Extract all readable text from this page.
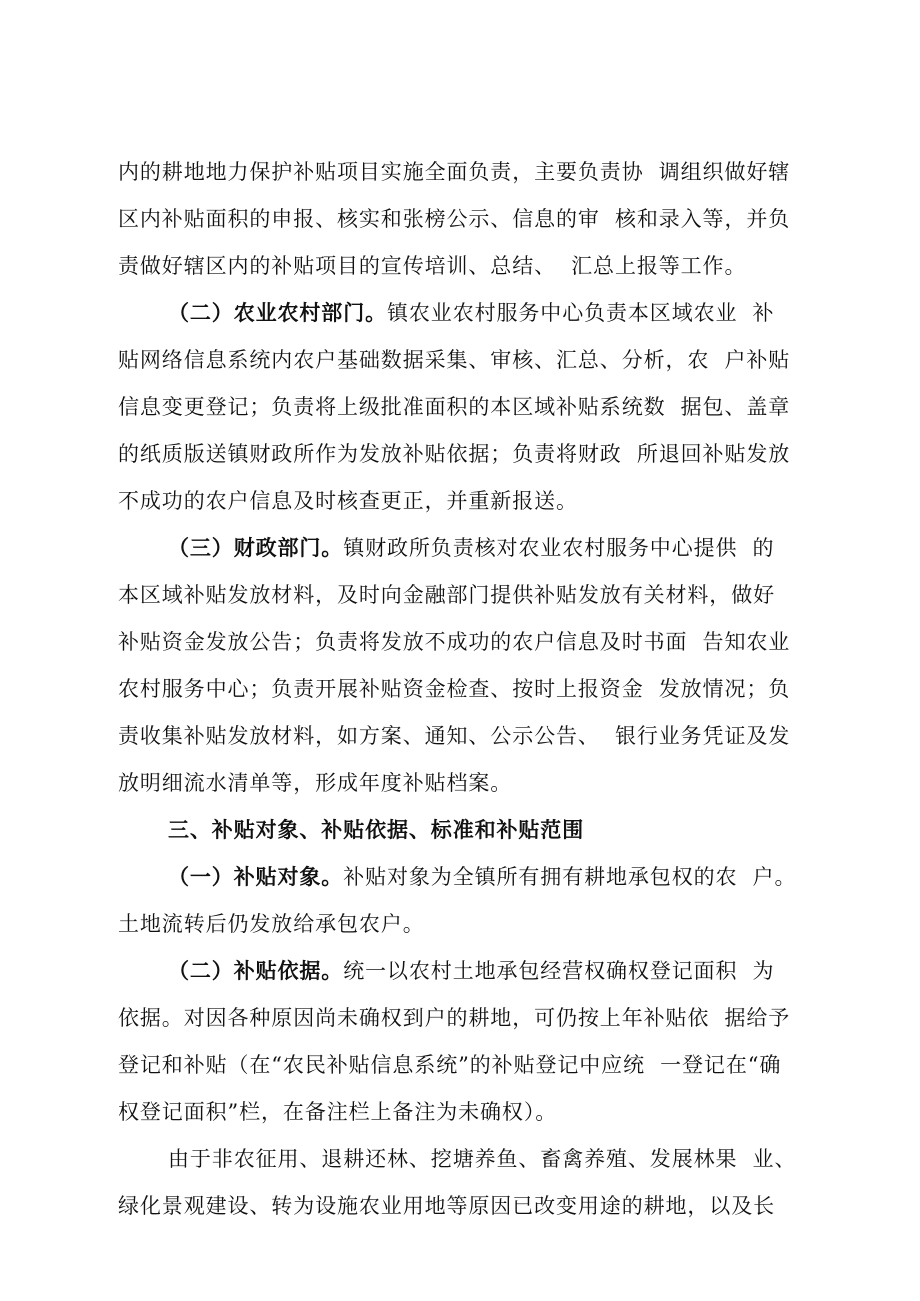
内的耕地地力保护补贴项目实施全面负责，主要负责协  调组织做好辖
区内补贴面积的申报、核实和张榜公示、信息的审  核和录入等，并负
责做好辖区内的补贴项目的宣传培训、总结、  汇总上报等工作。
（二）农业农村部门。镇农业农村服务中心负责本区域农业  补
贴网络信息系统内农户基础数据采集、审核、汇总、分析，农  户补贴
信息变更登记；负责将上级批准面积的本区域补贴系统数  据包、盖章
的纸质版送镇财政所作为发放补贴依据；负责将财政  所退回补贴发放
不成功的农户信息及时核查更正，并重新报送。
（三）财政部门。镇财政所负责核对农业农村服务中心提供  的
本区域补贴发放材料，及时向金融部门提供补贴发放有关材料，做好
补贴资金发放公告；负责将发放不成功的农户信息及时书面  告知农业
农村服务中心；负责开展补贴资金检查、按时上报资金  发放情况；负
责收集补贴发放材料，如方案、通知、公示公告、  银行业务凭证及发
放明细流水清单等，形成年度补贴档案。
三、补贴对象、补贴依据、标准和补贴范围
（一）补贴对象。补贴对象为全镇所有拥有耕地承包权的农  户。
土地流转后仍发放给承包农户。
（二）补贴依据。统一以农村土地承包经营权确权登记面积  为
依据。对因各种原因尚未确权到户的耕地，可仍按上年补贴依  据给予
登记和补贴（在“农民补贴信息系统”的补贴登记中应统  一登记在“确
权登记面积”栏，在备注栏上备注为未确权）。
由于非农征用、退耕还林、挖塘养鱼、畜禽养殖、发展林果  业、
绿化景观建设、转为设施农业用地等原因已改变用途的耕地，以及长
